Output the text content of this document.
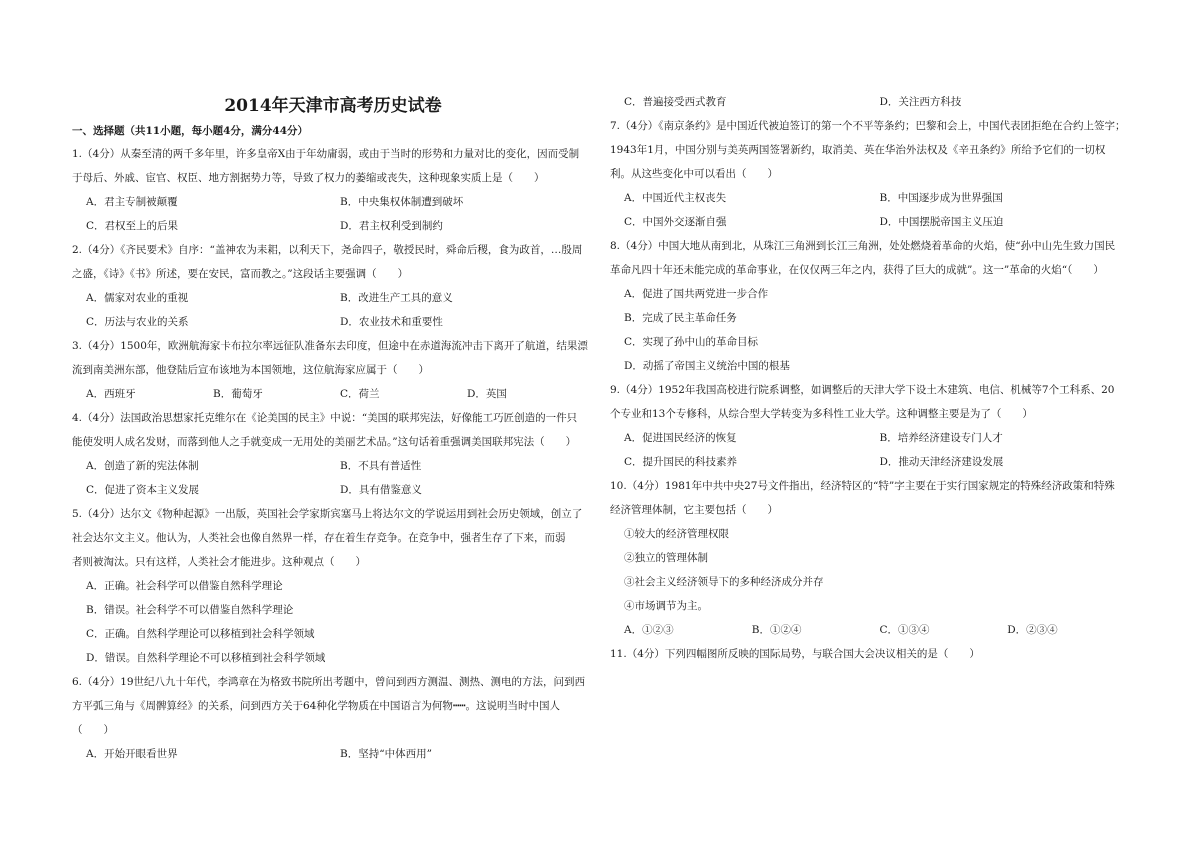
2014年天津市高考历史试卷
一、选择题（共11小题，每小题4分，满分44分）
1.（4分）从秦至清的两千多年里，许多皇帝X由于年幼庸弱，或由于当时的形势和力量对比的变化，因而受制
于母后、外戚、宦官、权臣、地方割据势力等，导致了权力的萎缩或丧失，这种现象实质上是（　　）
A．君主专制被颠覆	B．中央集权体制遭到破坏
C．君权至上的后果	D．君主权利受到制约
2.（4分）《齐民要术》自序：“盖神农为耒耜，以利天下，尧命四子，敬授民时，舜命后稷，食为政首，…殷周
之盛，《诗》《书》所述，要在安民，富而教之。”这段话主要强调（　　）
A．儒家对农业的重视	B．改进生产工具的意义
C．历法与农业的关系	D．农业技术和重要性
3.（4分）1500年，欧洲航海家卡布拉尔率远征队准备东去印度，但途中在赤道海流冲击下离开了航道，结果漂
流到南美洲东部，他登陆后宣布该地为本国领地，这位航海家应属于（　　）
A．西班牙	B．葡萄牙	C．荷兰	D．英国
4.（4分）法国政治思想家托克维尔在《论美国的民主》中说：“美国的联邦宪法，好像能工巧匠创造的一件只
能使发明人成名发财，而落到他人之手就变成一无用处的美丽艺术品。”这句话着重强调美国联邦宪法（　　）
A．创造了新的宪法体制	B．不具有普适性
C．促进了资本主义发展	D．具有借鉴意义
5.（4分）达尔文《物种起源》一出版，英国社会学家斯宾塞马上将达尔文的学说运用到社会历史领域，创立了
社会达尔文主义。他认为，人类社会也像自然界一样，存在着生存竞争。在竞争中，强者生存了下来，而弱
者则被淘汰。只有这样，人类社会才能进步。这种观点（　　）
A．正确。社会科学可以借鉴自然科学理论
B．错误。社会科学不可以借鉴自然科学理论
C．正确。自然科学理论可以移植到社会科学领域
D．错误。自然科学理论不可以移植到社会科学领域
6.（4分）19世纪八九十年代，李鸿章在为格致书院所出考题中，曾问到西方测温、测热、测电的方法，问到西
方平弧三角与《周髀算经》的关系，问到西方关于64种化学物质在中国语言为何物┅┅。这说明当时中国人
（　　）
A．开始开眼看世界	B．坚持“中体西用”
C．普遍接受西式教育	D．关注西方科技
7.（4分）《南京条约》是中国近代被迫签订的第一个不平等条约；巴黎和会上，中国代表团拒绝在合约上签字；
1943年1月，中国分别与美英两国签署新约，取消美、英在华治外法权及《辛丑条约》所给予它们的一切权
利。从这些变化中可以看出（　　）
A．中国近代主权丧失	B．中国逐步成为世界强国
C．中国外交逐渐自强	D．中国摆脱帝国主义压迫
8.（4分）中国大地从南到北，从珠江三角洲到长江三角洲，处处燃烧着革命的火焰，使“孙中山先生致力国民
革命凡四十年还未能完成的革命事业，在仅仅两三年之内，获得了巨大的成就”。这一”革命的火焰“（　　）
A．促进了国共两党进一步合作
B．完成了民主革命任务
C．实现了孙中山的革命目标
D．动摇了帝国主义统治中国的根基
9.（4分）1952年我国高校进行院系调整，如调整后的天津大学下设土木建筑、电信、机械等7个工科系、20
个专业和13个专修科，从综合型大学转变为多科性工业大学。这种调整主要是为了（　　）
A．促进国民经济的恢复	B．培养经济建设专门人才
C．提升国民的科技素养	D．推动天津经济建设发展
10.（4分）1981年中共中央27号文件指出，经济特区的“特”字主要在于实行国家规定的特殊经济政策和特殊
经济管理体制，它主要包括（　　）
①较大的经济管理权限
②独立的管理体制
③社会主义经济领导下的多种经济成分并存
④市场调节为主。
A．①②③	B．①②④	C．①③④	D．②③④
11.（4分）下列四幅图所反映的国际局势，与联合国大会决议相关的是（　　）
